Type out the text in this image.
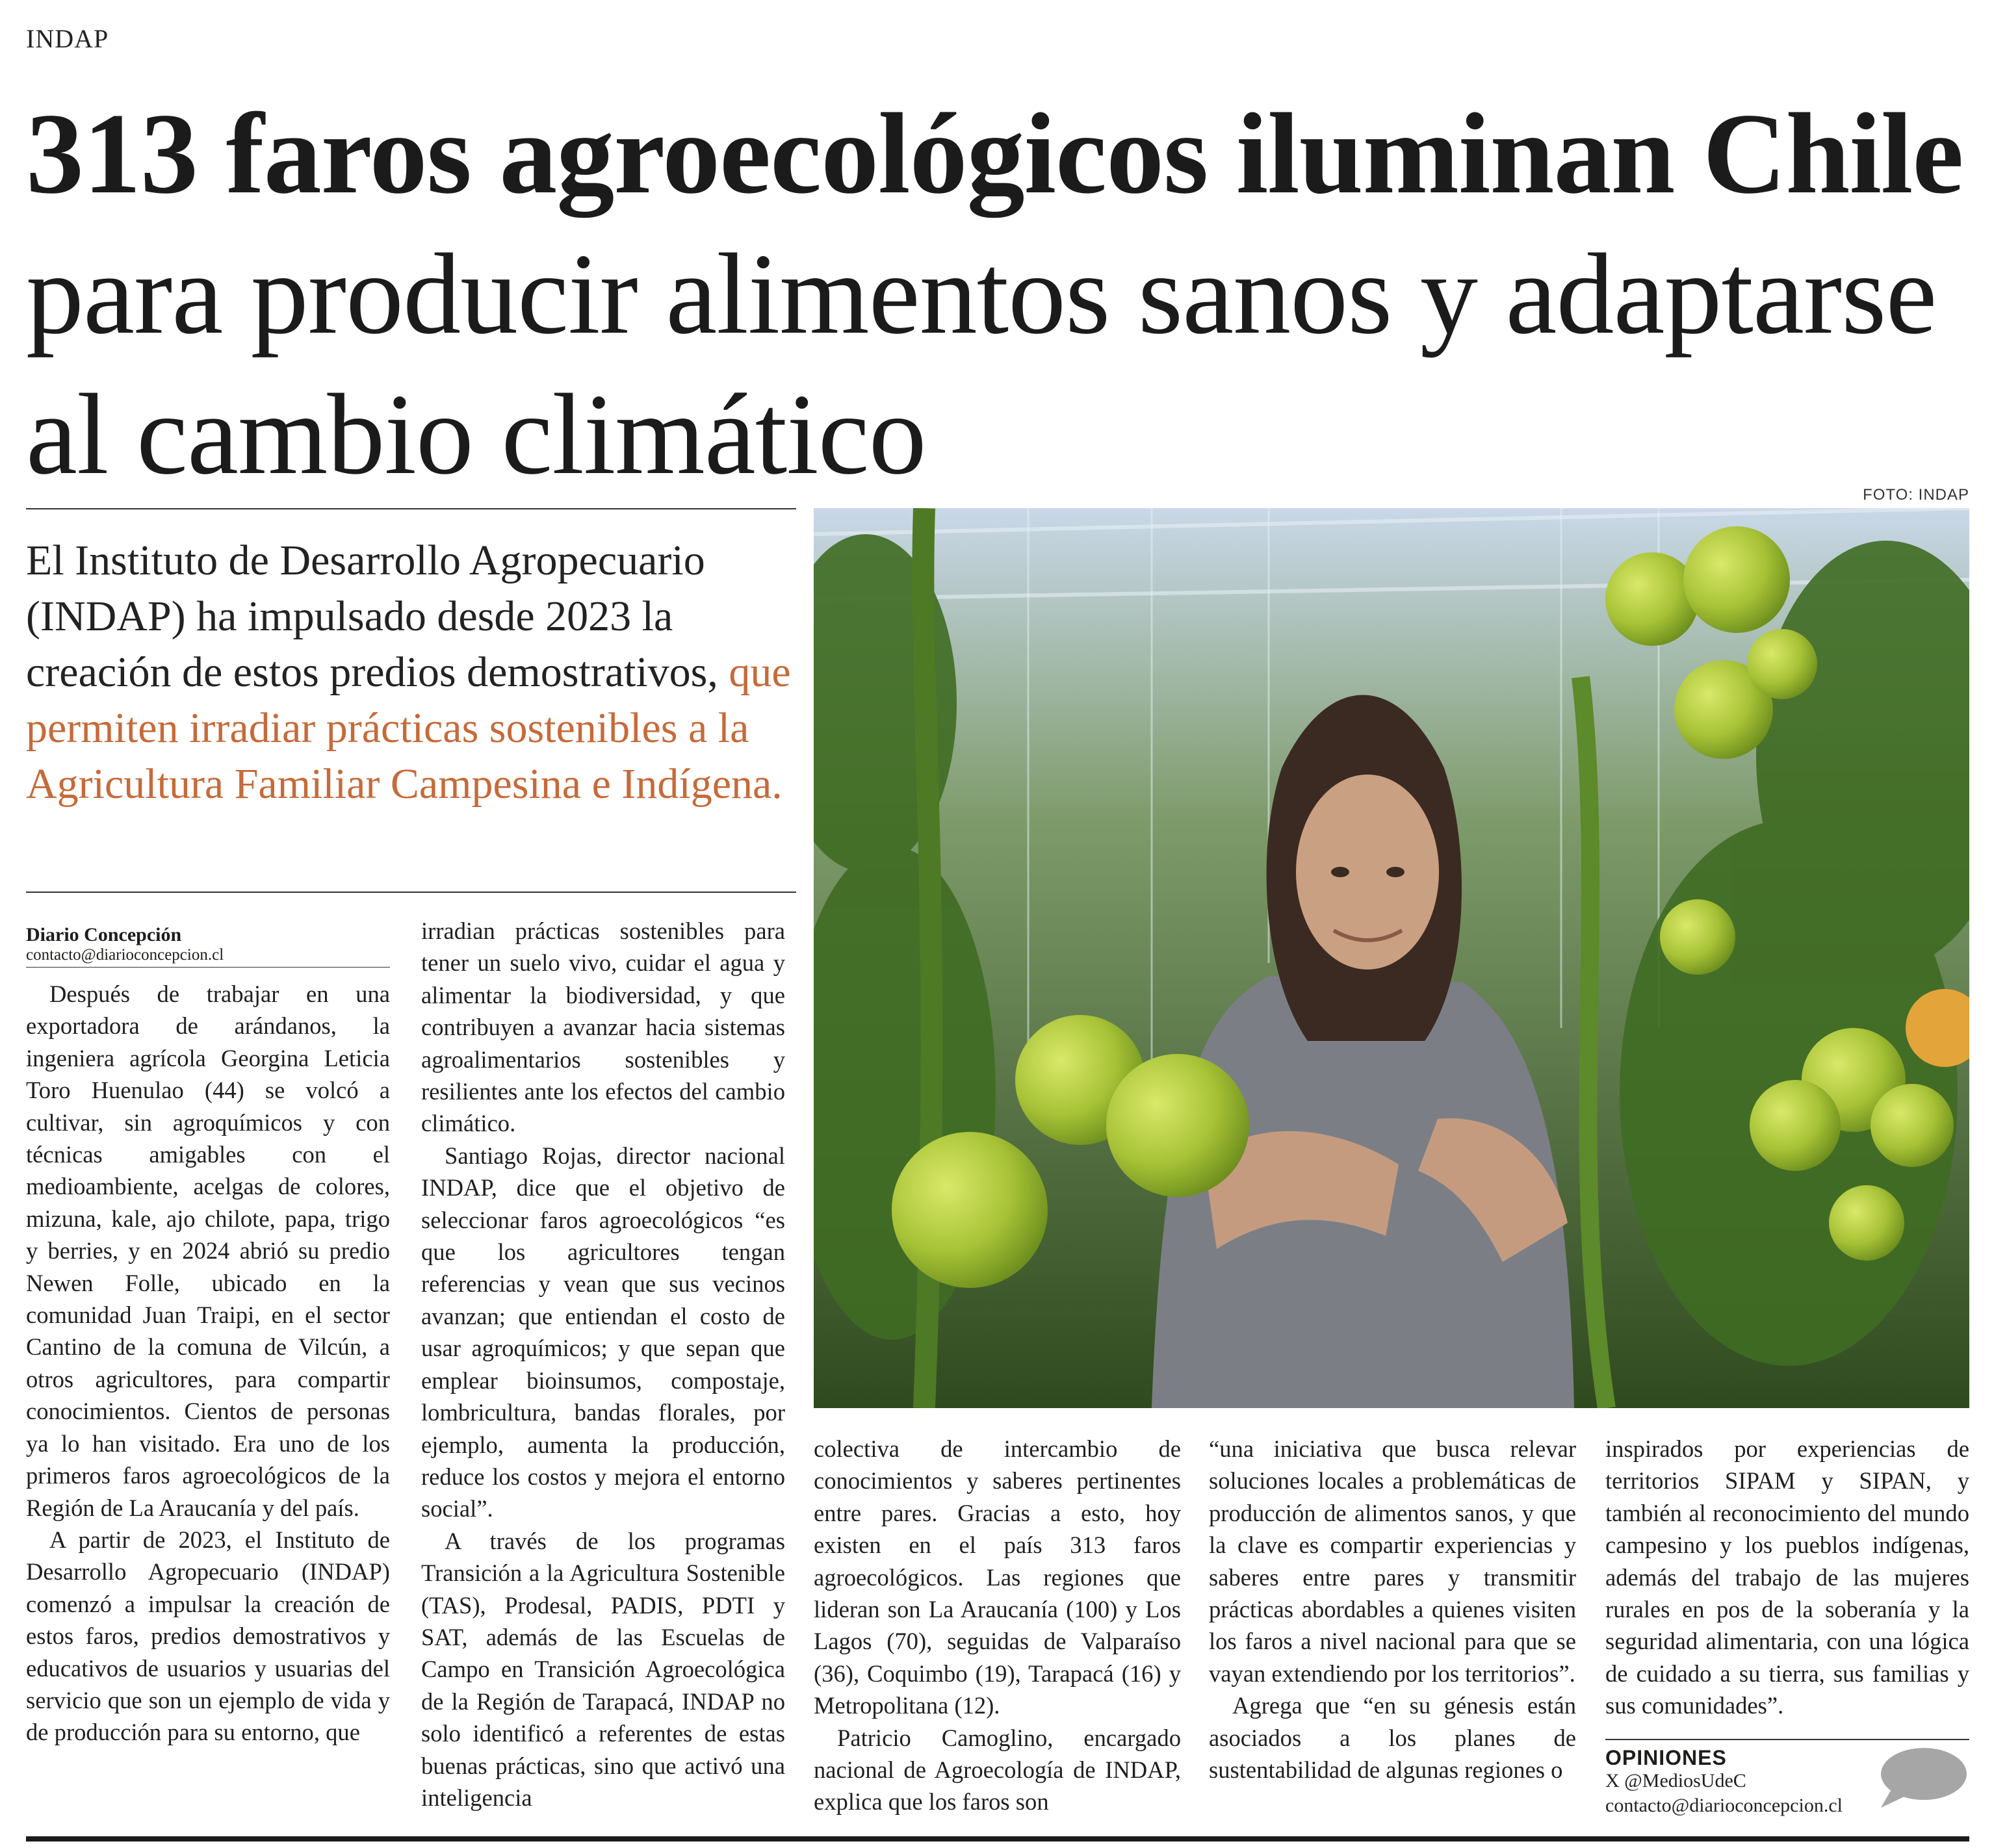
INDAP
313 faros agroecológicos iluminan Chile para producir alimentos sanos y adaptarse al cambio climático
El Instituto de Desarrollo Agropecuario (INDAP) ha impulsado desde 2023 la creación de estos predios demostrativos, que permiten irradiar prácticas sostenibles a la Agricultura Familiar Campesina e Indígena.
FOTO: INDAP
Diario Concepción
contacto@diarioconcepcion.cl

Después de trabajar en una exportadora de arándanos, la ingeniera agrícola Georgina Leticia Toro Huenulao (44) se volcó a cultivar, sin agroquímicos y con técnicas amigables con el medioambiente, acelgas de colores, mizuna, kale, ajo chilote, papa, trigo y berries, y en 2024 abrió su predio Newen Folle, ubicado en la comunidad Juan Traipi, en el sector Cantino de la comuna de Vilcún, a otros agricultores, para compartir conocimientos. Cientos de personas ya lo han visitado. Era uno de los primeros faros agroecológicos de la Región de La Araucanía y del país.

A partir de 2023, el Instituto de Desarrollo Agropecuario (INDAP) comenzó a impulsar la creación de estos faros, predios demostrativos y educativos de usuarios y usuarias del servicio que son un ejemplo de vida y de producción para su entorno, que

irradian prácticas sostenibles para tener un suelo vivo, cuidar el agua y alimentar la biodiversidad, y que contribuyen a avanzar hacia sistemas agroalimentarios sostenibles y resilientes ante los efectos del cambio climático.

Santiago Rojas, director nacional INDAP, dice que el objetivo de seleccionar faros agroecológicos “es que los agricultores tengan referencias y vean que sus vecinos avanzan; que entiendan el costo de usar agroquímicos; y que sepan que emplear bioinsumos, compostaje, lombricultura, bandas florales, por ejemplo, aumenta la producción, reduce los costos y mejora el entorno social”.

A través de los programas Transición a la Agricultura Sostenible (TAS), Prodesal, PADIS, PDTI y SAT, además de las Escuelas de Campo en Transición Agroecológica de la Región de Tarapacá, INDAP no solo identificó a referentes de estas buenas prácticas, sino que activó una inteligencia

colectiva de intercambio de conocimientos y saberes pertinentes entre pares. Gracias a esto, hoy existen en el país 313 faros agroecológicos. Las regiones que lideran son La Araucanía (100) y Los Lagos (70), seguidas de Valparaíso (36), Coquimbo (19), Tarapacá (16) y Metropolitana (12).

Patricio Camoglino, encargado nacional de Agroecología de INDAP, explica que los faros son

“una iniciativa que busca relevar soluciones locales a problemáticas de producción de alimentos sanos, y que la clave es compartir experiencias y saberes entre pares y transmitir prácticas abordables a quienes visiten los faros a nivel nacional para que se vayan extendiendo por los territorios”.

Agrega que “en su génesis están asociados a los planes de sustentabilidad de algunas regiones o

inspirados por experiencias de territorios SIPAM y SIPAN, y también al reconocimiento del mundo campesino y los pueblos indígenas, además del trabajo de las mujeres rurales en pos de la soberanía y la seguridad alimentaria, con una lógica de cuidado a su tierra, sus familias y sus comunidades”.

OPINIONES
X @MediosUdeC
contacto@diarioconcepcion.cl
